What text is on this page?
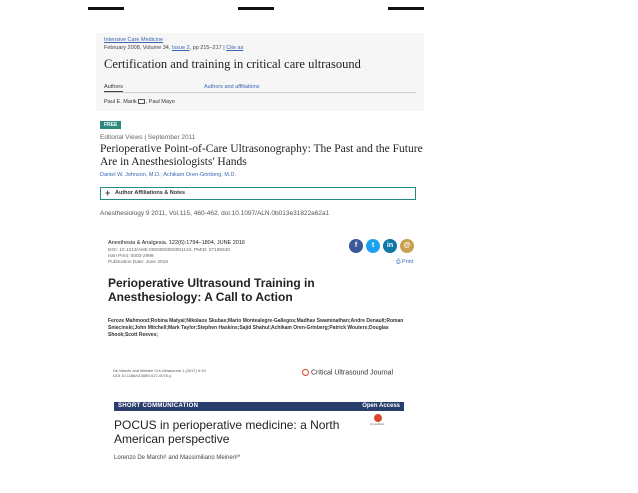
Intensive Care Medicine
February 2008, Volume 34, Issue 2, pp 215–217 | Cite as
Certification and training in critical care ultrasound
Authors	Authors and affiliations
Paul E. Marik , Paul Mayo
FREE
Editorial Views | September 2011
Perioperative Point-of-Care Ultrasonography: The Past and the Future Are in Anesthesiologists' Hands
Daniel W. Johnson, M.D.; Achikam Oren-Grinberg, M.D.
+ Author Affiliations & Notes
Anesthesiology 9 2011, Vol.115, 460-462. doi:10.1097/ALN.0b013e31822a62a1
Anesthesia & Analgesia. 122(6):1794–1804, JUNE 2016
DOI: 10.1213/ANE.0000000000001134, PMID: 27195630
Issn Print: 0003-2999
Publication Date: June 2016
f	t	in	@
⎙ Print
Perioperative Ultrasound Training in Anesthesiology: A Call to Action
Feroze Mahmood;Robina Matyal;Nikolaos Skubas;Mario Montealegre-Gallegos;Madhav Swaminathan;Andre Denault;Roman Sniecinski;John Mitchell;Mark Taylor;Stephen Haskins;Sajid Shahul;Achikam Oren-Grinberg;Patrick Wouters;Douglas Shook;Scott Reeves;
De Marchi and Meineri Crit Ultrasound J (2017) 9:19
DOI 10.1186/s13089-017-0075-y	Critical Ultrasound Journal
SHORT COMMUNICATION	Open Access
CrossMark
POCUS in perioperative medicine: a North American perspective
Lorenzo De Marchi¹ and Massimiliano Meineri²*
